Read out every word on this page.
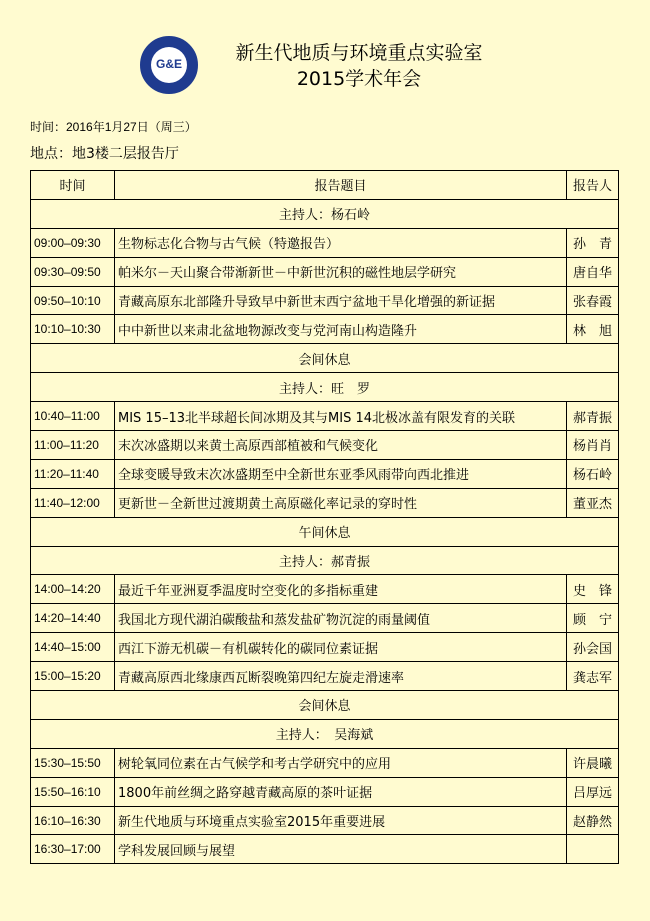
G&E	新生代地质与环境重点实验室
2015学术年会
时间：2016年1月27日（周三）
地点：地3楼二层报告厅
时间	报告题目	报告人
主持人：杨石岭		
09:00–09:30	生物标志化合物与古气候（特邀报告）	孙　青
09:30–09:50	帕米尔－天山聚合带渐新世－中新世沉积的磁性地层学研究	唐自华
09:50–10:10	青藏高原东北部隆升导致早中新世末西宁盆地干旱化增强的新证据	张春霞
10:10–10:30	中中新世以来肃北盆地物源改变与党河南山构造隆升	林　旭
会间休息		
主持人：旺　罗		
10:40–11:00	MIS 15–13北半球超长间冰期及其与MIS 14北极冰盖有限发育的关联	郝青振
11:00–11:20	末次冰盛期以来黄土高原西部植被和气候变化	杨肖肖
11:20–11:40	全球变暖导致末次冰盛期至中全新世东亚季风雨带向西北推进	杨石岭
11:40–12:00	更新世－全新世过渡期黄土高原磁化率记录的穿时性	董亚杰
午间休息		
主持人：郝青振		
14:00–14:20	最近千年亚洲夏季温度时空变化的多指标重建	史　锋
14:20–14:40	我国北方现代湖泊碳酸盐和蒸发盐矿物沉淀的雨量阈值	顾　宁
14:40–15:00	西江下游无机碳－有机碳转化的碳同位素证据	孙会国
15:00–15:20	青藏高原西北缘康西瓦断裂晚第四纪左旋走滑速率	龚志军
会间休息		
主持人：　吴海斌		
15:30–15:50	树轮氧同位素在古气候学和考古学研究中的应用	许晨曦
15:50–16:10	1800年前丝绸之路穿越青藏高原的茶叶证据	吕厚远
16:10–16:30	新生代地质与环境重点实验室2015年重要进展	赵静然
16:30–17:00	学科发展回顾与展望	
